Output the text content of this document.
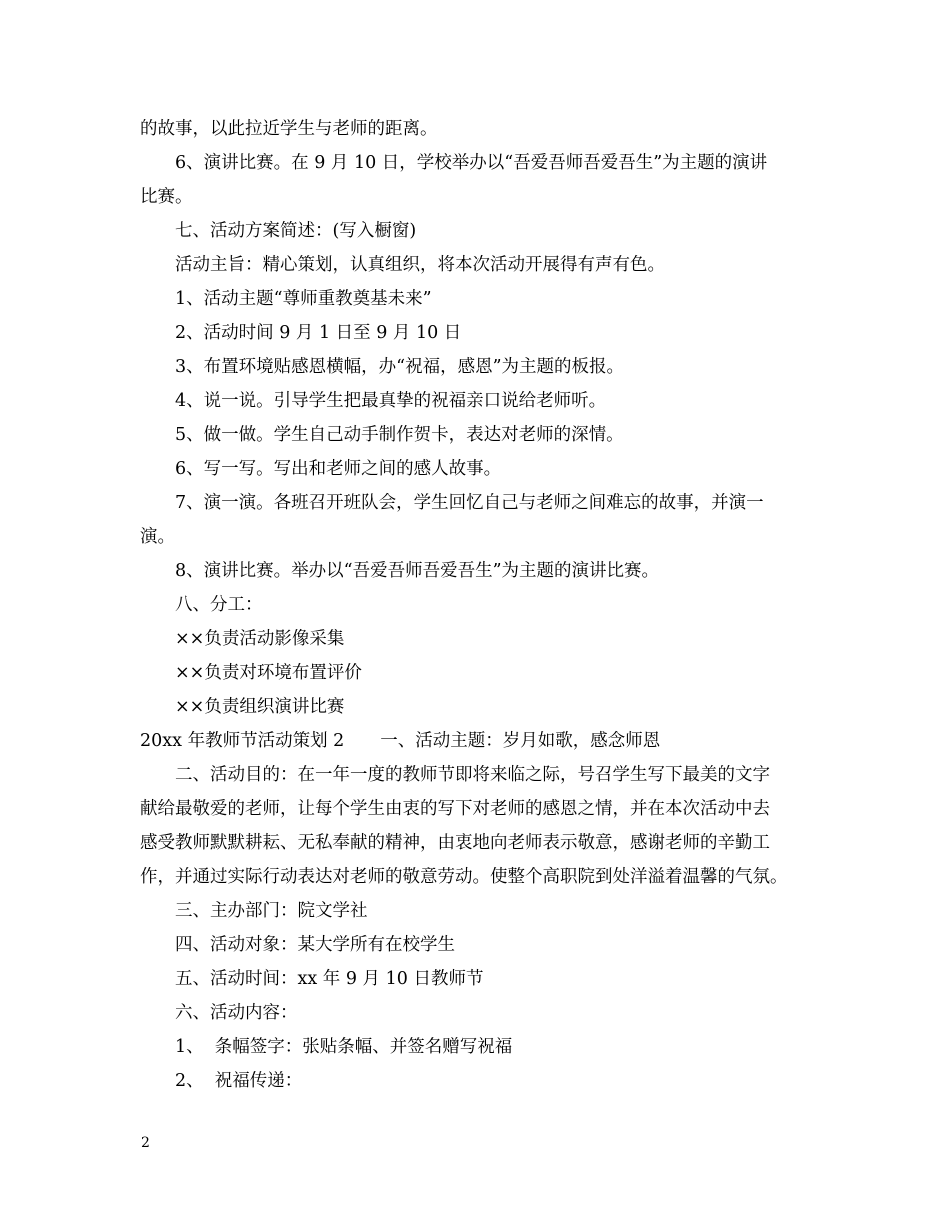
的故事，以此拉近学生与老师的距离。
6、演讲比赛。在 9 月 10 日，学校举办以“吾爱吾师吾爱吾生”为主题的演讲
比赛。
七、活动方案简述：(写入橱窗)
活动主旨：精心策划，认真组织，将本次活动开展得有声有色。
1、活动主题“尊师重教奠基未来”
2、活动时间 9 月 1 日至 9 月 10 日
3、布置环境贴感恩横幅，办“祝福，感恩”为主题的板报。
4、说一说。引导学生把最真挚的祝福亲口说给老师听。
5、做一做。学生自己动手制作贺卡，表达对老师的深情。
6、写一写。写出和老师之间的感人故事。
7、演一演。各班召开班队会，学生回忆自己与老师之间难忘的故事，并演一
演。
8、演讲比赛。举办以“吾爱吾师吾爱吾生”为主题的演讲比赛。
八、分工：
××负责活动影像采集
××负责对环境布置评价
××负责组织演讲比赛
20xx 年教师节活动策划 2 一、活动主题：岁月如歌，感念师恩
二、活动目的：在一年一度的教师节即将来临之际，号召学生写下最美的文字
献给最敬爱的老师，让每个学生由衷的写下对老师的感恩之情，并在本次活动中去
感受教师默默耕耘、无私奉献的精神，由衷地向老师表示敬意，感谢老师的辛勤工
作，并通过实际行动表达对老师的敬意劳动。使整个高职院到处洋溢着温馨的气氛。
三、主办部门：院文学社
四、活动对象：某大学所有在校学生
五、活动时间：xx 年 9 月 10 日教师节
六、活动内容：
1、  条幅签字：张贴条幅、并签名赠写祝福
2、  祝福传递：
2
